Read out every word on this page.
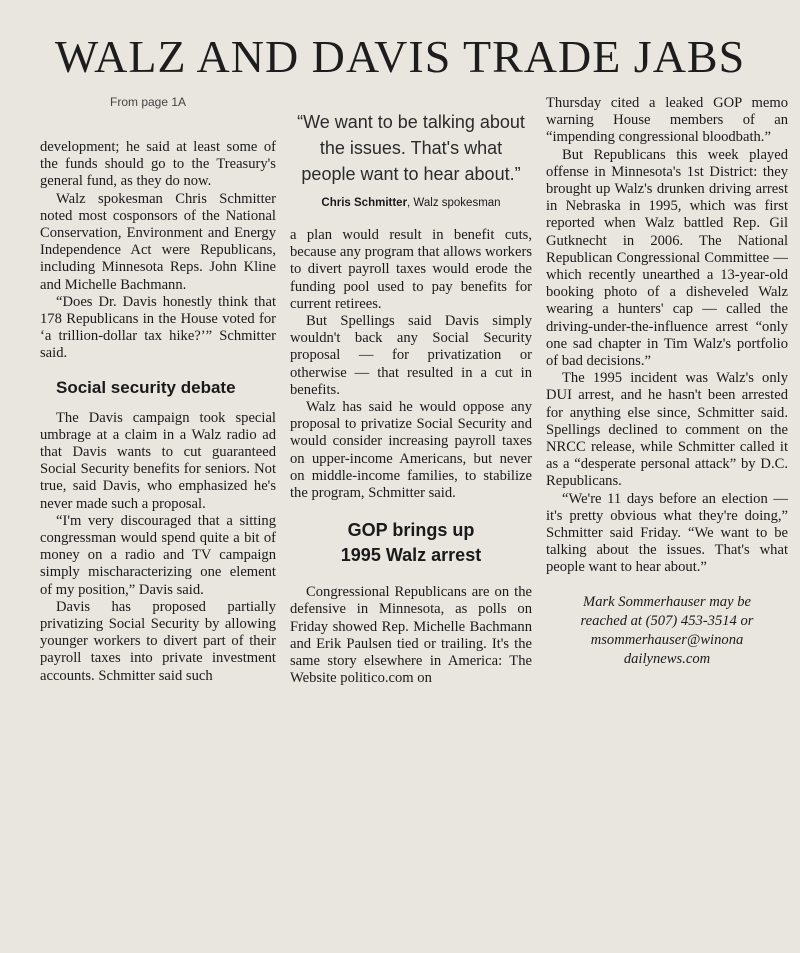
WALZ AND DAVIS TRADE JABS
From page 1A

development; he said at least some of the funds should go to the Treasury's general fund, as they do now.

Walz spokesman Chris Schmitter noted most cosponsors of the National Conservation, Environment and Energy Independence Act were Republicans, including Minnesota Reps. John Kline and Michelle Bachmann.

“Does Dr. Davis honestly think that 178 Republicans in the House voted for ‘a trillion-dollar tax hike?’” Schmitter said.

Social security debate

The Davis campaign took special umbrage at a claim in a Walz radio ad that Davis wants to cut guaranteed Social Security benefits for seniors. Not true, said Davis, who emphasized he's never made such a proposal.

“I'm very discouraged that a sitting congressman would spend quite a bit of money on a radio and TV campaign simply mischaracterizing one element of my position,” Davis said.

Davis has proposed partially privatizing Social Security by allowing younger workers to divert part of their payroll taxes into private investment accounts. Schmitter said such

“We want to be talking about the issues. That's what people want to hear about.”
Chris Schmitter, Walz spokesman

a plan would result in benefit cuts, because any program that allows workers to divert payroll taxes would erode the funding pool used to pay benefits for current retirees.

But Spellings said Davis simply wouldn't back any Social Security proposal — for privatization or otherwise — that resulted in a cut in benefits.

Walz has said he would oppose any proposal to privatize Social Security and would consider increasing payroll taxes on upper-income Americans, but never on middle-income families, to stabilize the program, Schmitter said.

GOP brings up
1995 Walz arrest

Congressional Republicans are on the defensive in Minnesota, as polls on Friday showed Rep. Michelle Bachmann and Erik Paulsen tied or trailing. It's the same story elsewhere in America: The Website politico.com on

Thursday cited a leaked GOP memo warning House members of an “impending congressional bloodbath.”

But Republicans this week played offense in Minnesota's 1st District: they brought up Walz's drunken driving arrest in Nebraska in 1995, which was first reported when Walz battled Rep. Gil Gutknecht in 2006. The National Republican Congressional Committee — which recently unearthed a 13-year-old booking photo of a disheveled Walz wearing a hunters' cap — called the driving-under-the-influence arrest “only one sad chapter in Tim Walz's portfolio of bad decisions.”

The 1995 incident was Walz's only DUI arrest, and he hasn't been arrested for anything else since, Schmitter said. Spellings declined to comment on the NRCC release, while Schmitter called it as a “desperate personal attack” by D.C. Republicans.

“We're 11 days before an election — it's pretty obvious what they're doing,” Schmitter said Friday. “We want to be talking about the issues. That's what people want to hear about.”

Mark Sommerhauser may be
reached at (507) 453-3514 or
msommerhauser@winona
dailynews.com
